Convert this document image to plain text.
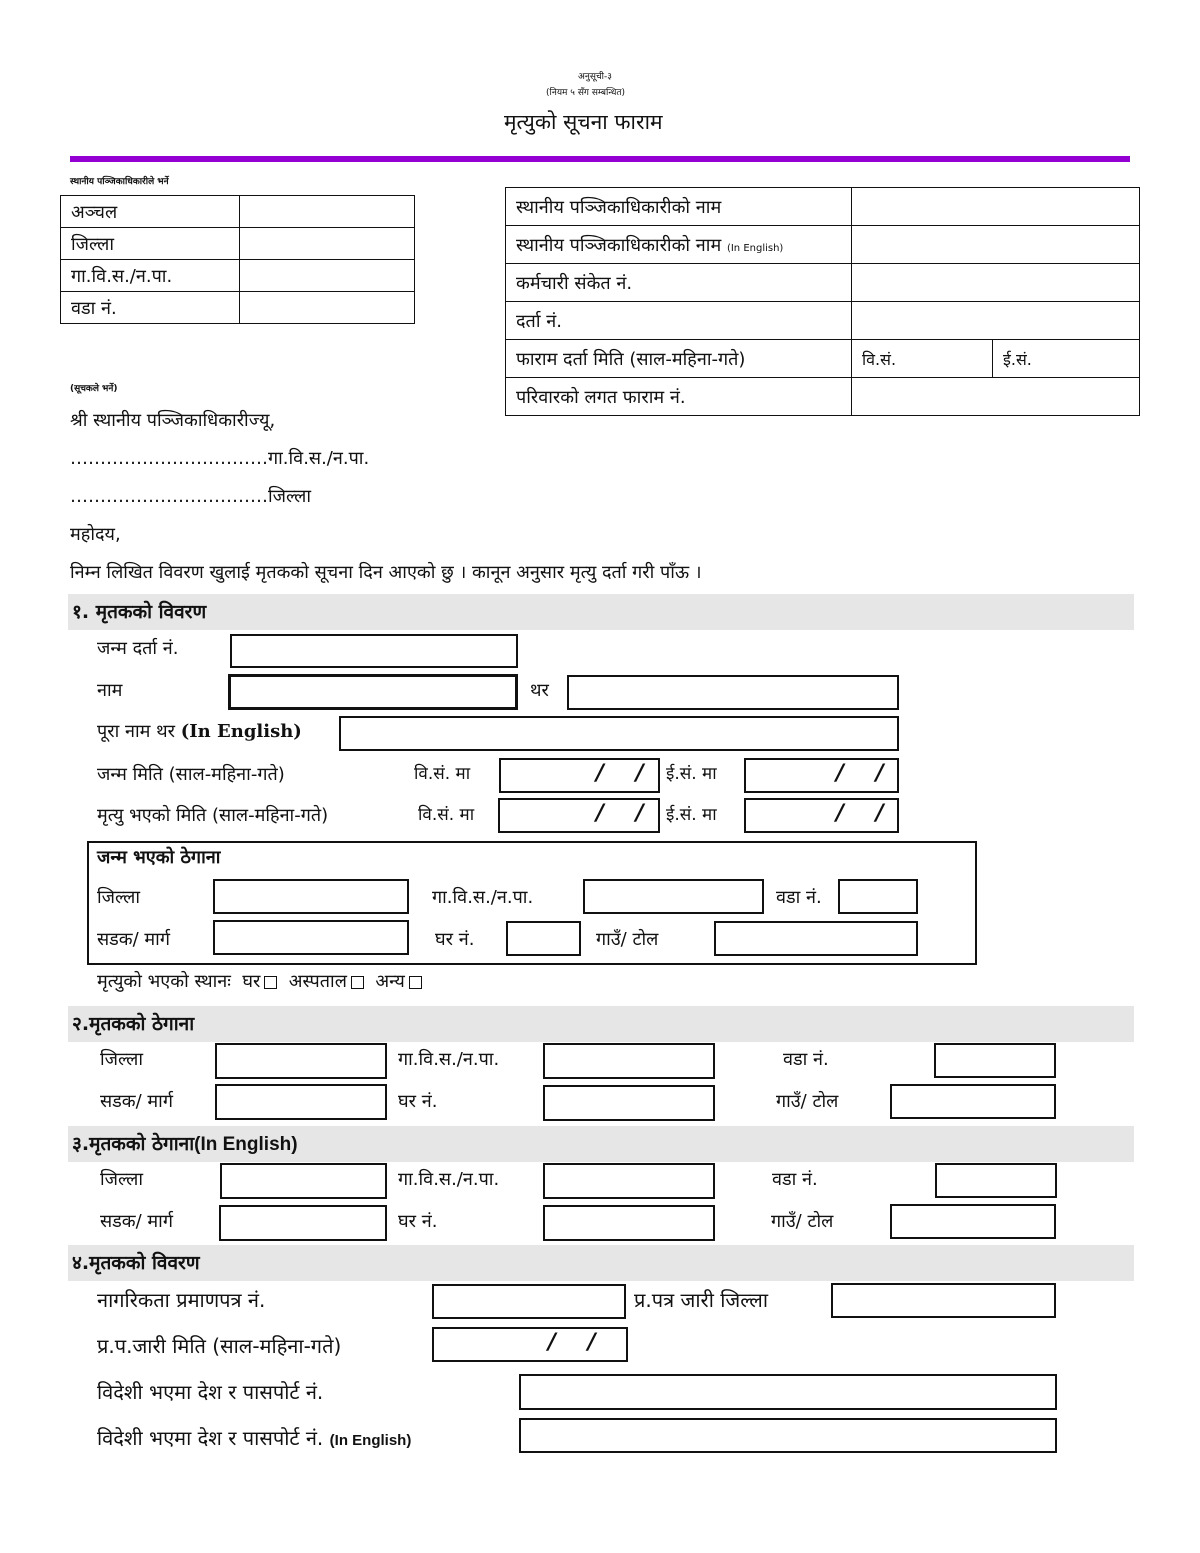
अनुसूची-३
(नियम ५ सँग सम्बन्धित)
मृत्युको सूचना फाराम
स्थानीय पञ्जिकाधिकारीले भर्ने
अञ्चल	
जिल्ला	
गा.वि.स./न.पा.	
वडा नं.	
स्थानीय पञ्जिकाधिकारीको नाम		
स्थानीय पञ्जिकाधिकारीको नाम (In English)		
कर्मचारी संकेत नं.		
दर्ता नं.		
फाराम दर्ता मिति (साल-महिना-गते)	वि.सं.	ई.सं.
परिवारको लगत फाराम नं.		
(सूचकले भर्ने)
श्री स्थानीय पञ्जिकाधिकारीज्यू,
……………………………गा.वि.स./न.पा.
……………………………जिल्ला
महोदय,
निम्न लिखित विवरण खुलाई मृतकको सूचना दिन आएको छु । कानून अनुसार मृत्यु दर्ता गरी पाँऊ ।
१. मृतकको विवरण
जन्म दर्ता नं.
नाम	थर
पूरा नाम थर (In English)
जन्म मिति (साल-महिना-गते)	वि.सं. मा	/ / ई.सं. मा	/ /
मृत्यु भएको मिति (साल-महिना-गते)	वि.सं. मा	/ / ई.सं. मा	/ /
जन्म भएको ठेगाना
जिल्ला	गा.वि.स./न.पा.	वडा नं.
सडक/ मार्ग	घर नं.	गाउँ/ टोल
मृत्युको भएको स्थानः घर अस्पताल अन्य
२.मृतकको ठेगाना
जिल्ला	गा.वि.स./न.पा.	वडा नं.
सडक/ मार्ग	घर नं.	गाउँ/ टोल
३.मृतकको ठेगाना(In English)
जिल्ला	गा.वि.स./न.पा.	वडा नं.
सडक/ मार्ग	घर नं.	गाउँ/ टोल
४.मृतकको विवरण
नागरिकता प्रमाणपत्र नं.	प्र.पत्र जारी जिल्ला
प्र.प.जारी मिति (साल-महिना-गते)	/ /
विदेशी भएमा देश र पासपोर्ट नं.
विदेशी भएमा देश र पासपोर्ट नं. (In English)
